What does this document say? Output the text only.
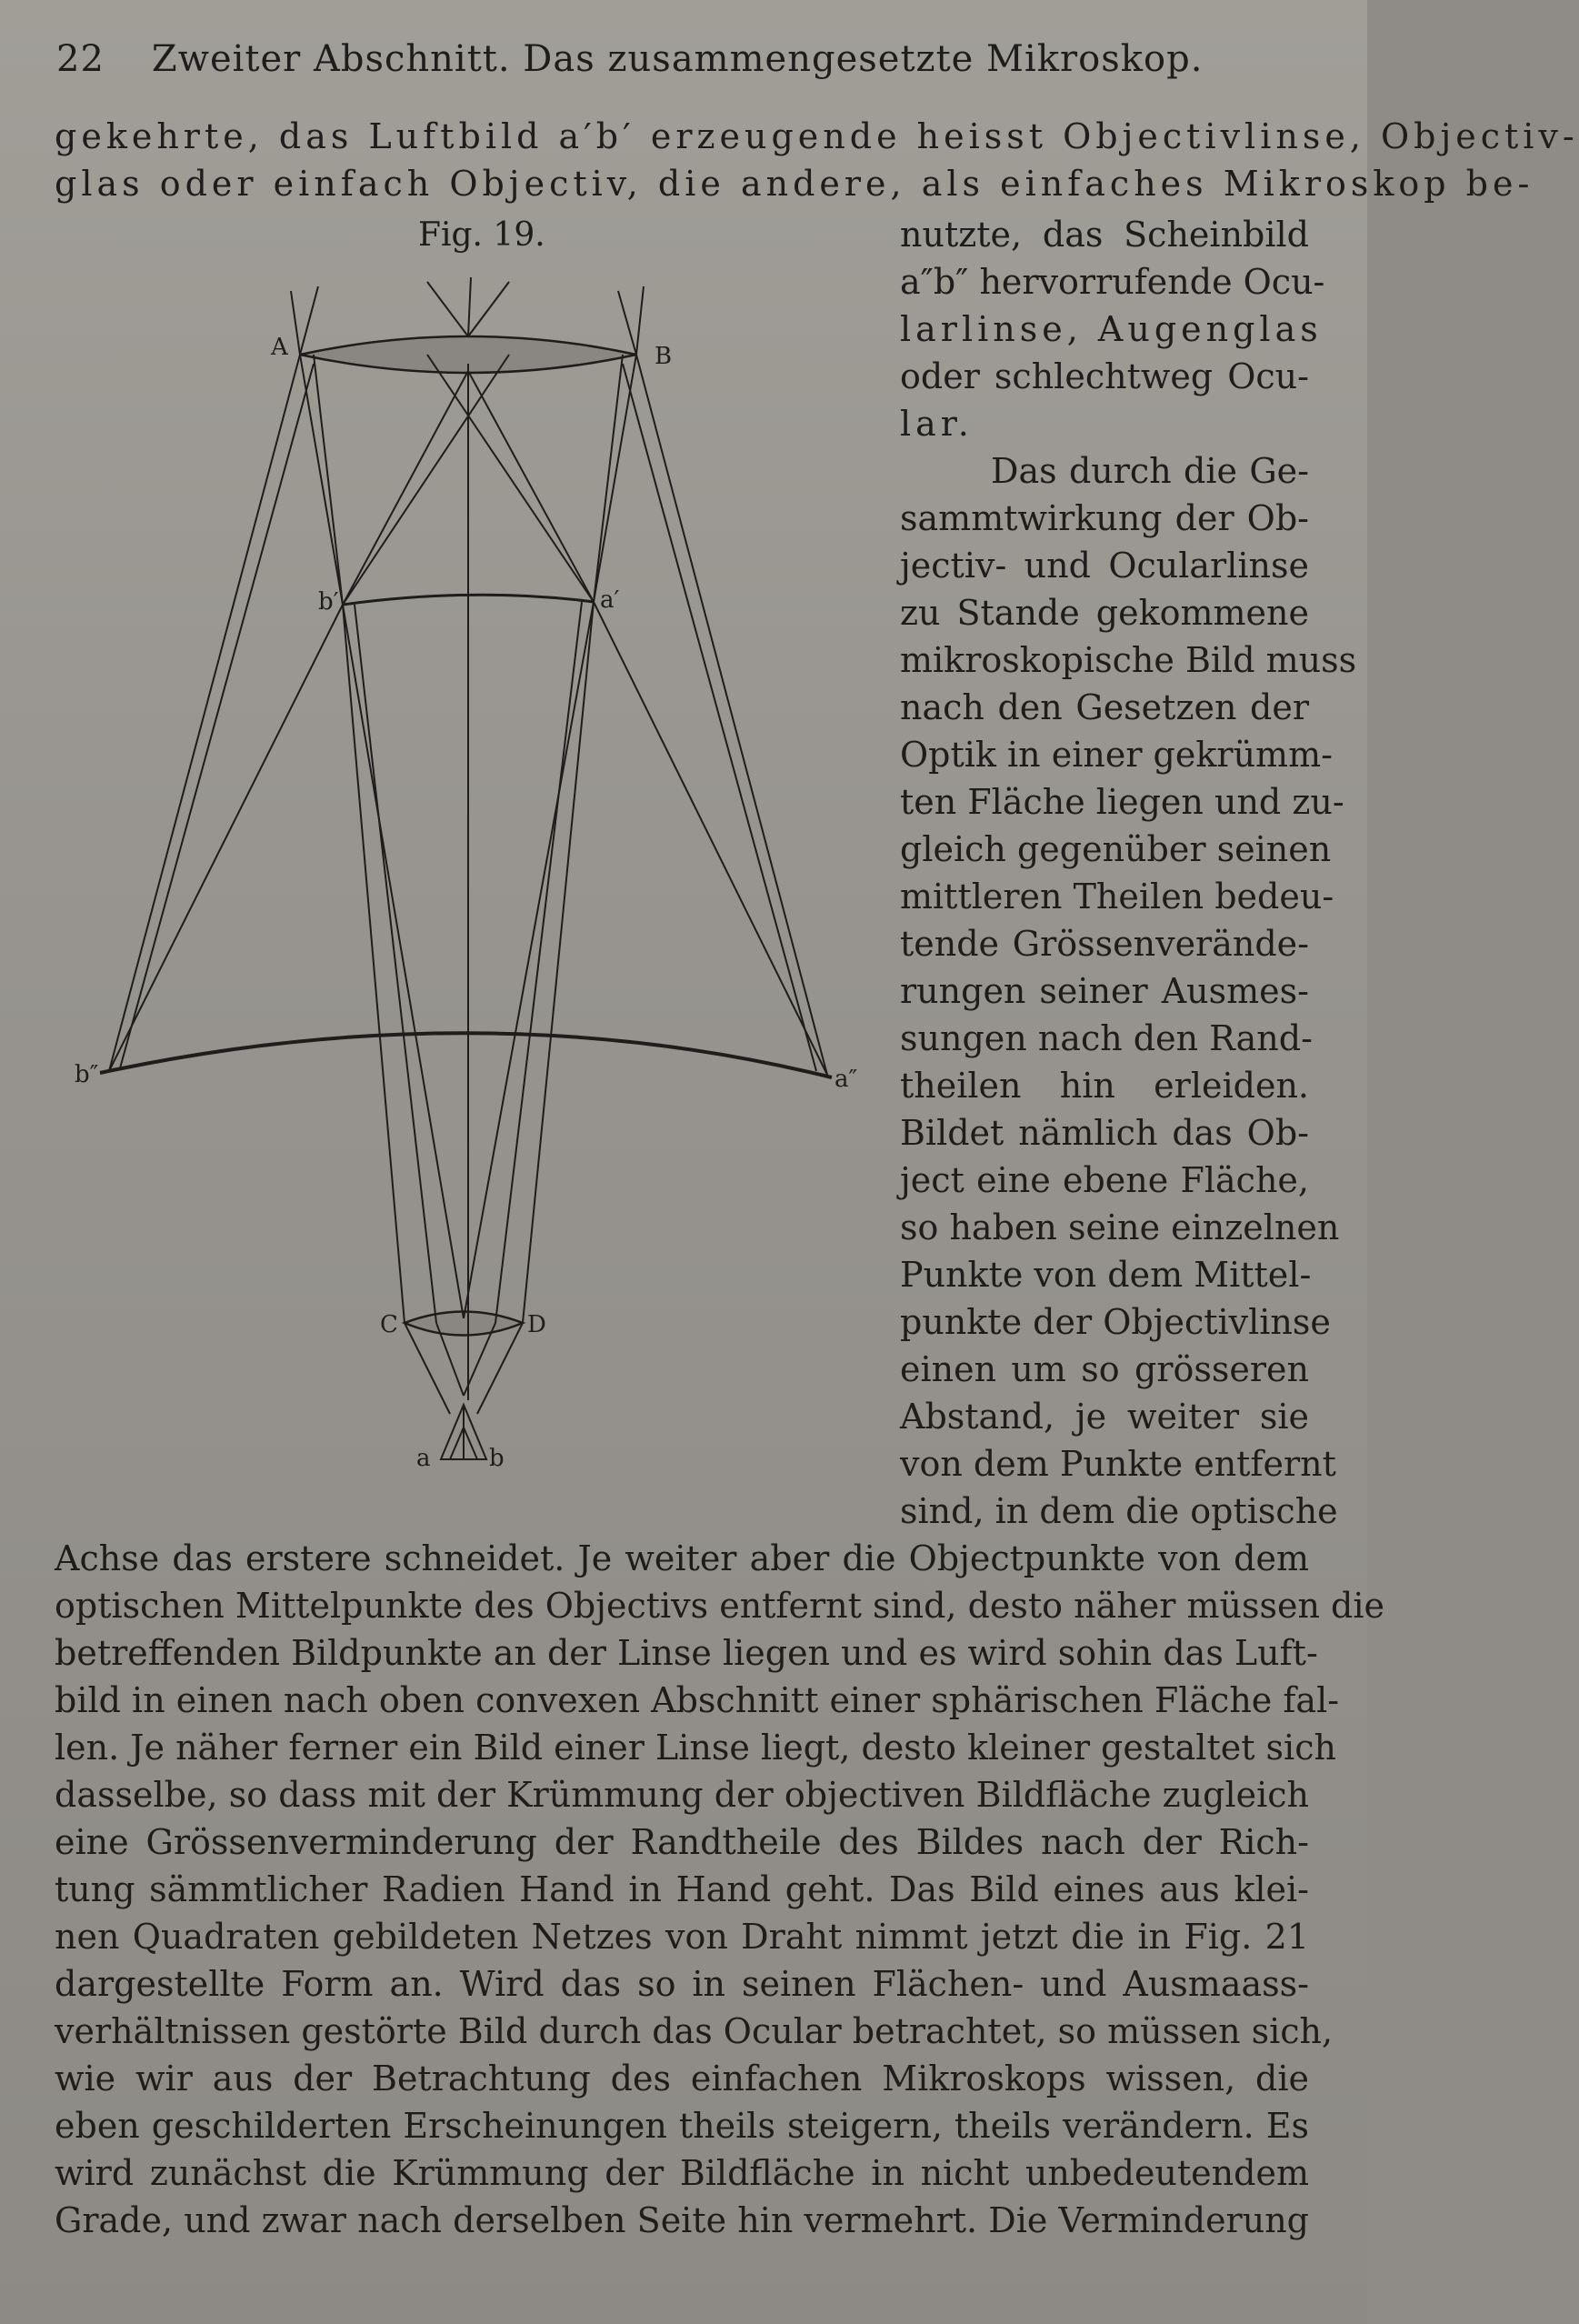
22 Zweiter Abschnitt. Das zusammengesetzte Mikroskop.
gekehrte, das Luftbild a′b′ erzeugende heisst Objectivlinse, Objectiv-
glas oder einfach Objectiv, die andere, als einfaches Mikroskop be-
Fig. 19.
A	B
b′	a′
b″	a″
C	D
a b
nutzte, das Scheinbild
a″b″ hervorrufende Ocu-
larlinse, Augenglas
oder schlechtweg Ocu-
lar.
Das durch die Ge-
sammtwirkung der Ob-
jectiv- und Ocularlinse
zu Stande gekommene
mikroskopische Bild muss
nach den Gesetzen der
Optik in einer gekrümm-
ten Fläche liegen und zu-
gleich gegenüber seinen
mittleren Theilen bedeu-
tende Grössenverände-
rungen seiner Ausmes-
sungen nach den Rand-
theilen hin erleiden.
Bildet nämlich das Ob-
ject eine ebene Fläche,
so haben seine einzelnen
Punkte von dem Mittel-
punkte der Objectivlinse
einen um so grösseren
Abstand, je weiter sie
von dem Punkte entfernt
sind, in dem die optische
Achse das erstere schneidet. Je weiter aber die Objectpunkte von dem
optischen Mittelpunkte des Objectivs entfernt sind, desto näher müssen die
betreffenden Bildpunkte an der Linse liegen und es wird sohin das Luft-
bild in einen nach oben convexen Abschnitt einer sphärischen Fläche fal-
len. Je näher ferner ein Bild einer Linse liegt, desto kleiner gestaltet sich
dasselbe, so dass mit der Krümmung der objectiven Bildfläche zugleich
eine Grössenverminderung der Randtheile des Bildes nach der Rich-
tung sämmtlicher Radien Hand in Hand geht. Das Bild eines aus klei-
nen Quadraten gebildeten Netzes von Draht nimmt jetzt die in Fig. 21
dargestellte Form an. Wird das so in seinen Flächen- und Ausmaass-
verhältnissen gestörte Bild durch das Ocular betrachtet, so müssen sich,
wie wir aus der Betrachtung des einfachen Mikroskops wissen, die
eben geschilderten Erscheinungen theils steigern, theils verändern. Es
wird zunächst die Krümmung der Bildfläche in nicht unbedeutendem
Grade, und zwar nach derselben Seite hin vermehrt. Die Verminderung
